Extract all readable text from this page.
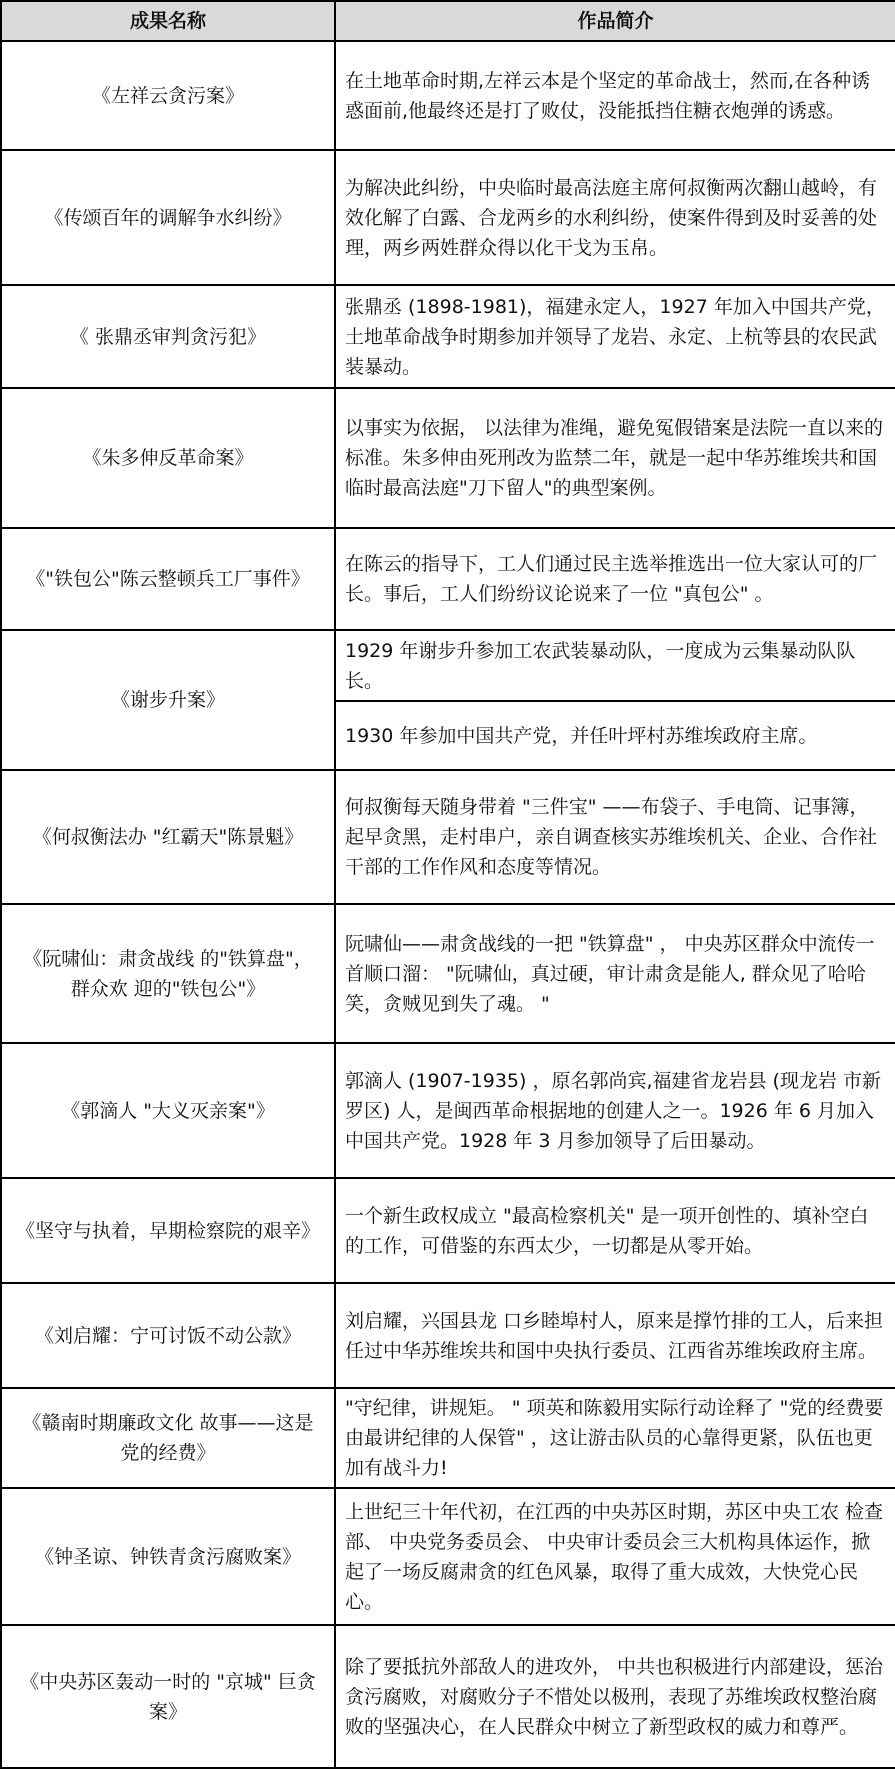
成果名称	作品简介
《左祥云贪污案》	在土地革命时期,左祥云本是个坚定的革命战士，然而,在各种诱惑面前,他最终还是打了败仗，没能抵挡住糖衣炮弹的诱惑。
《传颂百年的调解争水纠纷》	为解决此纠纷，中央临时最高法庭主席何叔衡两次翻山越岭，有效化解了白露、合龙两乡的水利纠纷，使案件得到及时妥善的处理，两乡两姓群众得以化干戈为玉帛。
《 张鼎丞审判贪污犯》	张鼎丞 (1898-1981)，福建永定人，1927 年加入中国共产党， 土地革命战争时期参加并领导了龙岩、永定、上杭等县的农民武装暴动。
《朱多伸反革命案》	以事实为依据， 以法律为准绳，避免冤假错案是法院一直以来的标准。朱多伸由死刑改为监禁二年，就是一起中华苏维埃共和国临时最高法庭"刀下留人"的典型案例。
《"铁包公"陈云整顿兵工厂事件》	在陈云的指导下，工人们通过民主选举推选出一位大家认可的厂长。事后，工人们纷纷议论说来了一位 "真包公" 。
《谢步升案》	1929 年谢步升参加工农武装暴动队，一度成为云集暴动队队长。
	1930 年参加中国共产党，并任叶坪村苏维埃政府主席。
《何叔衡法办 "红霸天"陈景魁》	何叔衡每天随身带着 "三件宝" ——布袋子、手电筒、记事簿，起早贪黑，走村串户，亲自调查核实苏维埃机关、企业、合作社干部的工作作风和态度等情况。
《阮啸仙：肃贪战线 的"铁算盘"，群众欢 迎的"铁包公"》	阮啸仙——肃贪战线的一把 "铁算盘" ， 中央苏区群众中流传一首顺口溜： "阮啸仙，真过硬，审计肃贪是能人, 群众见了哈哈笑，贪贼见到失了魂。 "
《郭滴人 "大义灭亲案"》	郭滴人 (1907-1935) ，原名郭尚宾,福建省龙岩县 (现龙岩 市新罗区) 人，是闽西革命根据地的创建人之一。1926 年 6 月加入中国共产党。1928 年 3 月参加领导了后田暴动。
《坚守与执着，早期检察院的艰辛》	一个新生政权成立 "最高检察机关" 是一项开创性的、填补空白的工作，可借鉴的东西太少，一切都是从零开始。
《刘启耀：宁可讨饭不动公款》	刘启耀，兴国县龙 口乡睦埠村人，原来是撑竹排的工人，后来担任过中华苏维埃共和国中央执行委员、江西省苏维埃政府主席。
《赣南时期廉政文化 故事——这是党的经费》	"守纪律，讲规矩。 " 项英和陈毅用实际行动诠释了 "党的经费要由最讲纪律的人保管" ，这让游击队员的心靠得更紧，队伍也更加有战斗力!
《钟圣谅、钟铁青贪污腐败案》	上世纪三十年代初，在江西的中央苏区时期，苏区中央工农 检查部、 中央党务委员会、 中央审计委员会三大机构具体运作，掀起了一场反腐肃贪的红色风暴，取得了重大成效，大快党心民心。
《中央苏区轰动一时的 "京城" 巨贪案》	除了要抵抗外部敌人的进攻外， 中共也积极进行内部建设，惩治贪污腐败，对腐败分子不惜处以极刑，表现了苏维埃政权整治腐败的坚强决心，在人民群众中树立了新型政权的威力和尊严。
